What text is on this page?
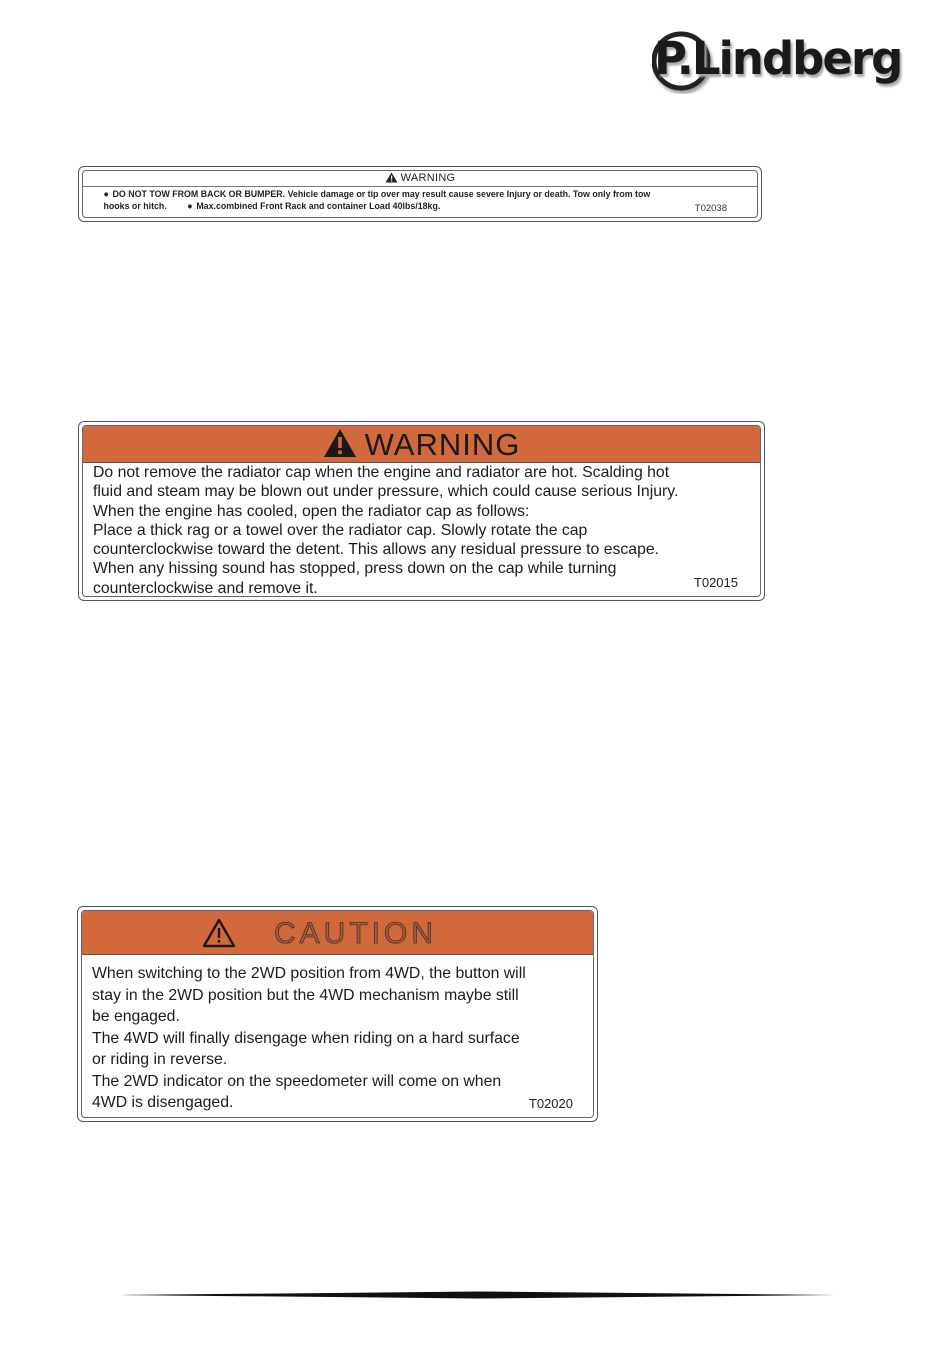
P.Lindberg
WARNING
● DO NOT TOW FROM BACK OR BUMPER. Vehicle damage or tip over may result cause severe Injury or death. Tow only from tow
hooks or hitch. ● Max.combined Front Rack and container Load 40lbs/18kg.	T02038
WARNING
Do not remove the radiator cap when the engine and radiator are hot. Scalding hot
fluid and steam may be blown out under pressure, which could cause serious Injury.
When the engine has cooled, open the radiator cap as follows:
Place a thick rag or a towel over the radiator cap. Slowly rotate the cap
counterclockwise toward the detent. This allows any residual pressure to escape.
When any hissing sound has stopped, press down on the cap while turning
counterclockwise and remove it.	T02015
CAUTION
When switching to the 2WD position from 4WD, the button will
stay in the 2WD position but the 4WD mechanism maybe still
be engaged.
The 4WD will finally disengage when riding on a hard surface
or riding in reverse.
The 2WD indicator on the speedometer will come on when
4WD is disengaged.	T02020
